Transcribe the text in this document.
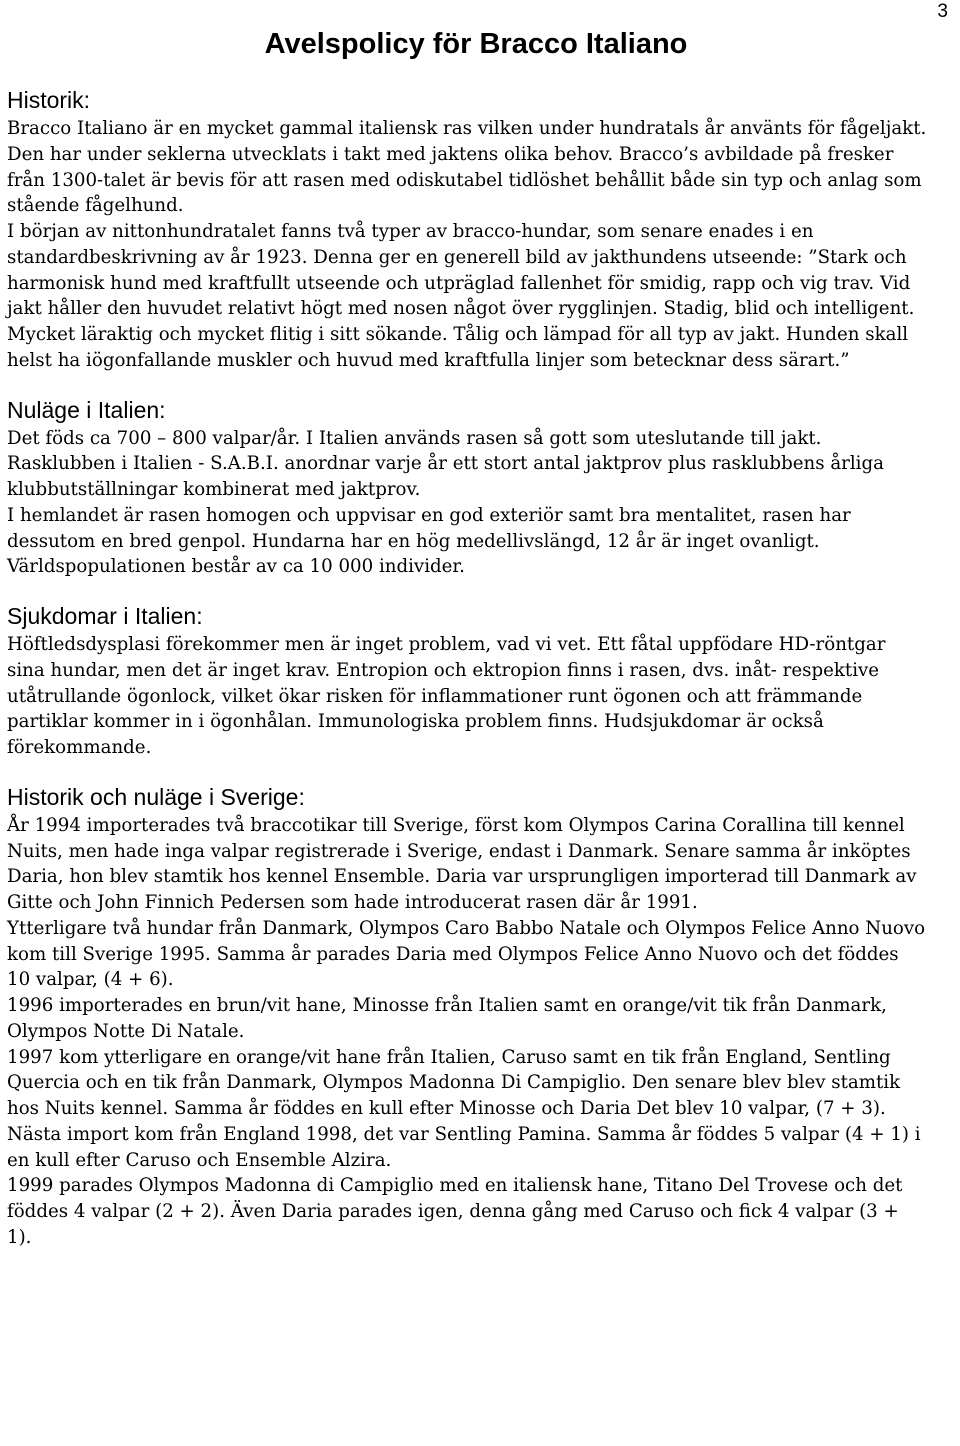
3
Avelspolicy för Bracco Italiano
Historik:

Bracco Italiano är en mycket gammal italiensk ras vilken under hundratals år använts för fågeljakt. Den har under seklerna utvecklats i takt med jaktens olika behov. Bracco’s avbildade på fresker från 1300-talet är bevis för att rasen med odiskutabel tidlöshet behållit både sin typ och anlag som stående fågelhund.

I början av nittonhundratalet fanns två typer av bracco-hundar, som senare enades i en standardbeskrivning av år 1923. Denna ger en generell bild av jakthundens utseende: ”Stark och harmonisk hund med kraftfullt utseende och utpräglad fallenhet för smidig, rapp och vig trav. Vid jakt håller den huvudet relativt högt med nosen något över rygglinjen. Stadig, blid och intelligent. Mycket läraktig och mycket flitig i sitt sökande. Tålig och lämpad för all typ av jakt. Hunden skall helst ha iögonfallande muskler och huvud med kraftfulla linjer som betecknar dess särart.”

Nuläge i Italien:

Det föds ca 700 – 800 valpar/år. I Italien används rasen så gott som uteslutande till jakt. Rasklubben i Italien - S.A.B.I. anordnar varje år ett stort antal jaktprov plus rasklubbens årliga klubbutställningar kombinerat med jaktprov.

I hemlandet är rasen homogen och uppvisar en god exteriör samt bra mentalitet, rasen har dessutom en bred genpol. Hundarna har en hög medellivslängd, 12 år är inget ovanligt. Världspopulationen består av ca 10 000 individer.

Sjukdomar i Italien:

Höftledsdysplasi förekommer men är inget problem, vad vi vet. Ett fåtal uppfödare HD-röntgar sina hundar, men det är inget krav. Entropion och ektropion finns i rasen, dvs. inåt- respektive utåtrullande ögonlock, vilket ökar risken för inflammationer runt ögonen och att främmande partiklar kommer in i ögonhålan. Immunologiska problem finns. Hudsjukdomar är också förekommande.

Historik och nuläge i Sverige:

År 1994 importerades två braccotikar till Sverige, först kom Olympos Carina Corallina till kennel Nuits, men hade inga valpar registrerade i Sverige, endast i Danmark. Senare samma år inköptes Daria, hon blev stamtik hos kennel Ensemble. Daria var ursprungligen importerad till Danmark av Gitte och John Finnich Pedersen som hade introducerat rasen där år 1991.

Ytterligare två hundar från Danmark, Olympos Caro Babbo Natale och Olympos Felice Anno Nuovo kom till Sverige 1995. Samma år parades Daria med Olympos Felice Anno Nuovo och det föddes 10 valpar, (4 + 6).

1996 importerades en brun/vit hane, Minosse från Italien samt en orange/vit tik från Danmark, Olympos Notte Di Natale.

1997 kom ytterligare en orange/vit hane från Italien, Caruso samt en tik från England, Sentling Quercia och en tik från Danmark, Olympos Madonna Di Campiglio. Den senare blev blev stamtik hos Nuits kennel. Samma år föddes en kull efter Minosse och Daria Det blev 10 valpar, (7 + 3).

Nästa import kom från England 1998, det var Sentling Pamina. Samma år föddes 5 valpar (4 + 1) i en kull efter Caruso och Ensemble Alzira.

1999 parades Olympos Madonna di Campiglio med en italiensk hane, Titano Del Trovese och det föddes 4 valpar (2 + 2). Även Daria parades igen, denna gång med Caruso och fick 4 valpar (3 + 1).
